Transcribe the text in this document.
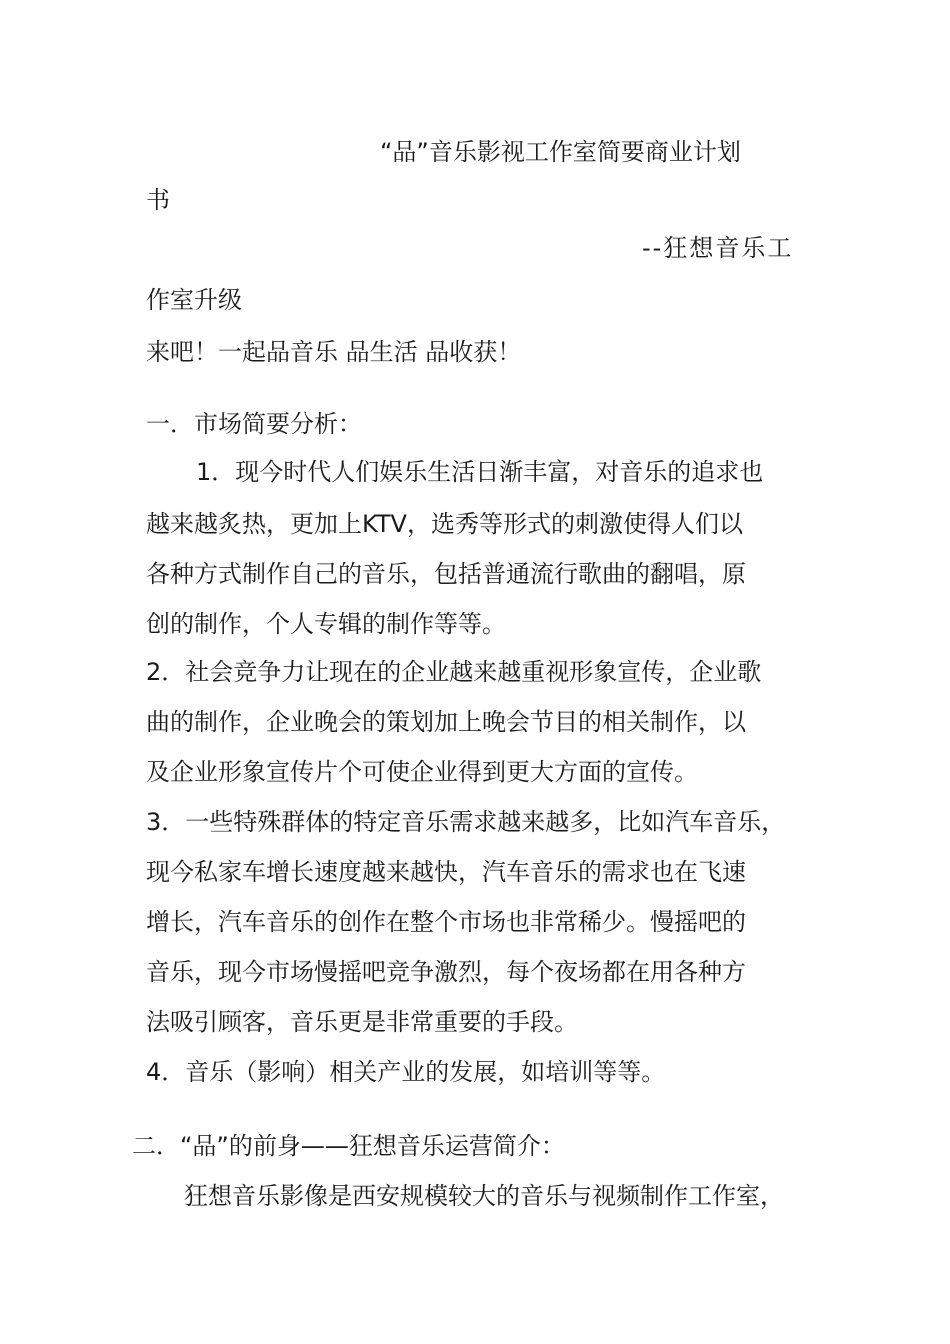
“品”音乐影视工作室简要商业计划
书
--狂想音乐工
作室升级
来吧！一起品音乐 品生活 品收获！
一．市场简要分析：
1．现今时代人们娱乐生活日渐丰富，对音乐的追求也
越来越炙热，更加上KTV，选秀等形式的刺激使得人们以
各种方式制作自己的音乐，包括普通流行歌曲的翻唱，原
创的制作，个人专辑的制作等等。
2．社会竞争力让现在的企业越来越重视形象宣传，企业歌
曲的制作，企业晚会的策划加上晚会节目的相关制作，以
及企业形象宣传片个可使企业得到更大方面的宣传。
3．一些特殊群体的特定音乐需求越来越多，比如汽车音乐，
现今私家车增长速度越来越快，汽车音乐的需求也在飞速
增长，汽车音乐的创作在整个市场也非常稀少。慢摇吧的
音乐，现今市场慢摇吧竞争激烈，每个夜场都在用各种方
法吸引顾客，音乐更是非常重要的手段。
4．音乐（影响）相关产业的发展，如培训等等。
二．“品”的前身——狂想音乐运营简介：
狂想音乐影像是西安规模较大的音乐与视频制作工作室，
